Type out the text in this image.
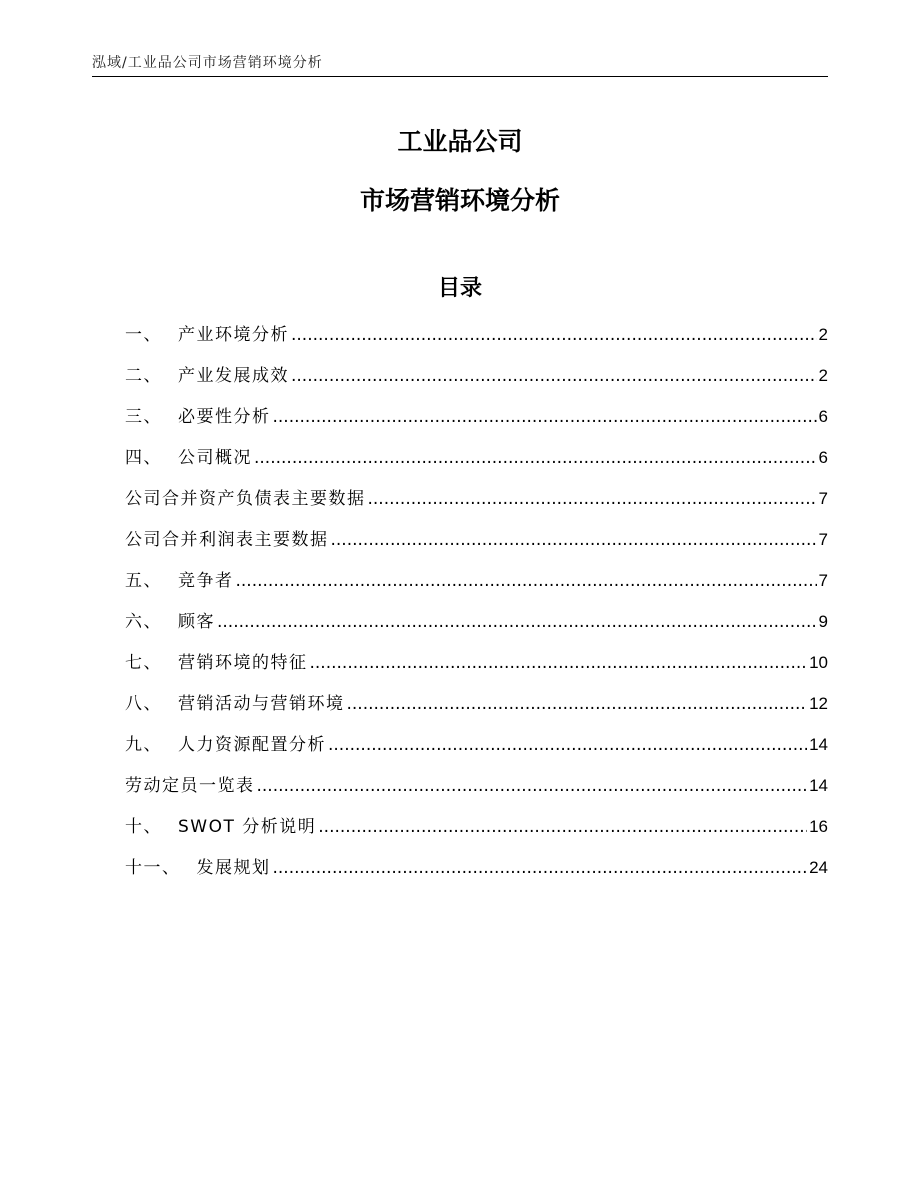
泓域/工业品公司市场营销环境分析
工业品公司
市场营销环境分析
目录
一、 产业环境分析 .....	2
二、 产业发展成效 .....	2
三、 必要性分析 .....	6
四、 公司概况 .....	6
公司合并资产负债表主要数据 .....	7
公司合并利润表主要数据 .....	7
五、 竞争者 .....	7
六、 顾客 .....	9
七、 营销环境的特征 .....	10
八、 营销活动与营销环境 .....	12
九、 人力资源配置分析 .....	14
劳动定员一览表 .....	14
十、 SWOT 分析说明 .....	16
十一、 发展规划 .....	24
